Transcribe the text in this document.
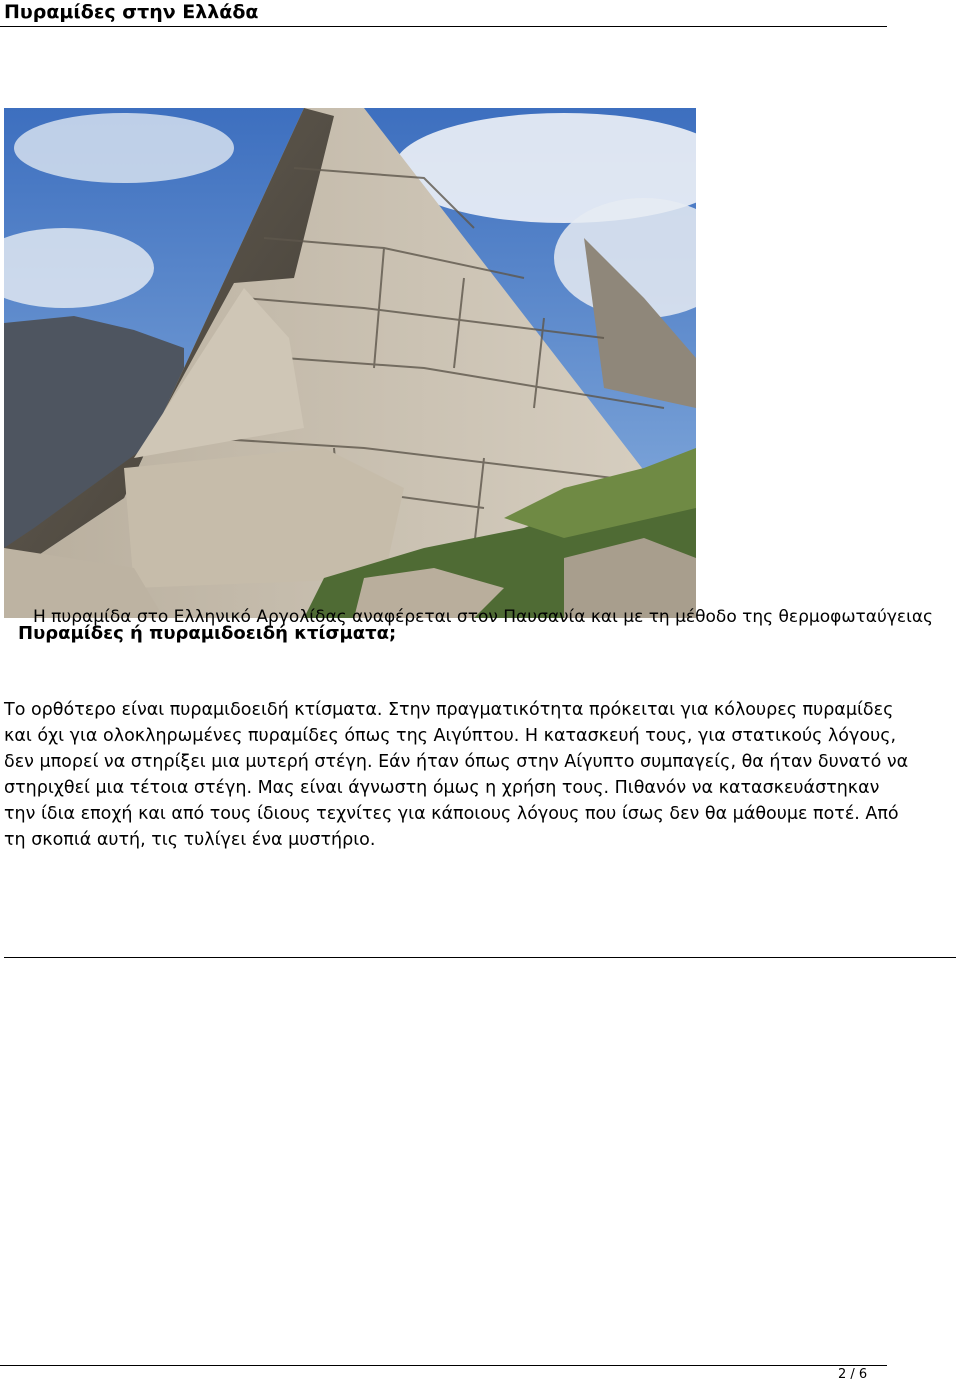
Πυραμίδες στην Ελλάδα
Η πυραμίδα στο Ελληνικό Αργολίδας αναφέρεται στον Παυσανία και με τη μέθοδο της θερμοφωταύγειας
Πυραμίδες ή πυραμιδοειδή κτίσματα;

Το ορθότερο είναι πυραμιδοειδή κτίσματα. Στην πραγματικότητα πρόκειται για κόλουρες πυραμίδες και όχι για ολοκληρωμένες πυραμίδες όπως της Αιγύπτου. Η κατασκευή τους, για στατικούς λόγους, δεν μπορεί να στηρίξει μια μυτερή στέγη. Εάν ήταν όπως στην Αίγυπτο συμπαγείς, θα ήταν δυνατό να στηριχθεί μια τέτοια στέγη. Μας είναι άγνωστη όμως η χρήση τους. Πιθανόν να κατασκευάστηκαν την ίδια εποχή και από τους ίδιους τεχνίτες για κάποιους λόγους που ίσως δεν θα μάθουμε ποτέ. Από τη σκοπιά αυτή, τις τυλίγει ένα μυστήριο.

2 / 6
